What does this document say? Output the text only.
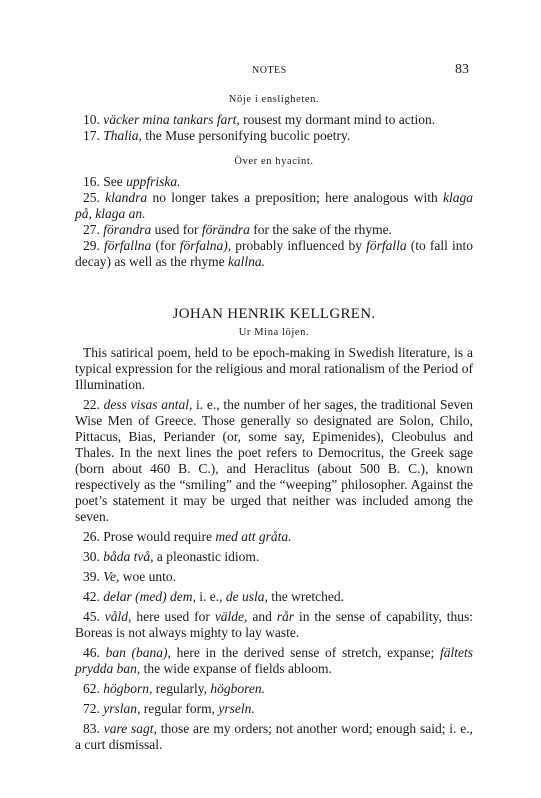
NOTES	83

Nöje i ensligheten.

10. väcker mina tankars fart, rousest my dormant mind to action.

17. Thalia, the Muse personifying bucolic poetry.

Över en hyacint.

16. See uppfriska.

25. klandra no longer takes a preposition; here analogous with klaga på, klaga an.

27. förandra used for förändra for the sake of the rhyme.

29. förfallna (for förfalna), probably influenced by förfalla (to fall into decay) as well as the rhyme kallna.

JOHAN HENRIK KELLGREN.

Ur Mina löjen.

This satirical poem, held to be epoch-making in Swedish literature, is a typical expression for the religious and moral rationalism of the Period of Illumination.

22. dess visas antal, i. e., the number of her sages, the traditional Seven Wise Men of Greece. Those generally so designated are Solon, Chilo, Pittacus, Bias, Periander (or, some say, Epimenides), Cleobulus and Thales. In the next lines the poet refers to Democritus, the Greek sage (born about 460 B. C.), and Heraclitus (about 500 B. C.), known respectively as the “smiling” and the “weeping” philosopher. Against the poet’s statement it may be urged that neither was included among the seven.

26. Prose would require med att gråta.

30. båda två, a pleonastic idiom.

39. Ve, woe unto.

42. delar (med) dem, i. e., de usla, the wretched.

45. våld, here used for välde, and rår in the sense of capability, thus: Boreas is not always mighty to lay waste.

46. ban (bana), here in the derived sense of stretch, expanse; fältets prydda ban, the wide expanse of fields abloom.

62. högborn, regularly, högboren.

72. yrslan, regular form, yrseln.

83. vare sagt, those are my orders; not another word; enough said; i. e., a curt dismissal.
